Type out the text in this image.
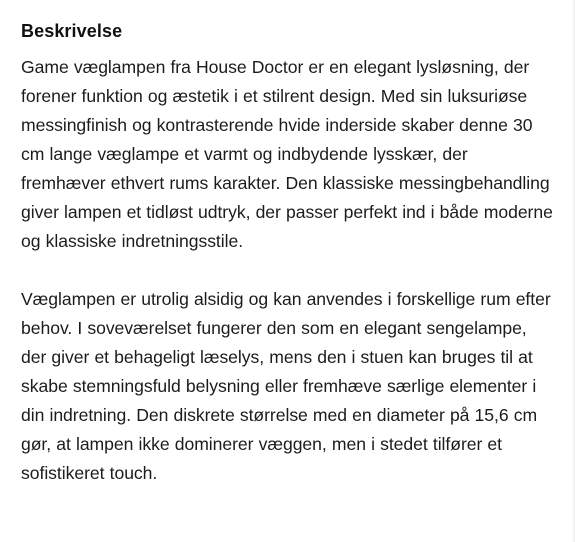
Beskrivelse

Game væglampen fra House Doctor er en elegant lysløsning, der forener funktion og æstetik i et stilrent design. Med sin luksuriøse messingfinish og kontrasterende hvide inderside skaber denne 30 cm lange væglampe et varmt og indbydende lysskær, der fremhæver ethvert rums karakter. Den klassiske messingbehandling giver lampen et tidløst udtryk, der passer perfekt ind i både moderne og klassiske indretningsstile.

Væglampen er utrolig alsidig og kan anvendes i forskellige rum efter behov. I soveværelset fungerer den som en elegant sengelampe, der giver et behageligt læselys, mens den i stuen kan bruges til at skabe stemningsfuld belysning eller fremhæve særlige elementer i din indretning. Den diskrete størrelse med en diameter på 15,6 cm gør, at lampen ikke dominerer væggen, men i stedet tilfører et sofistikeret touch.
